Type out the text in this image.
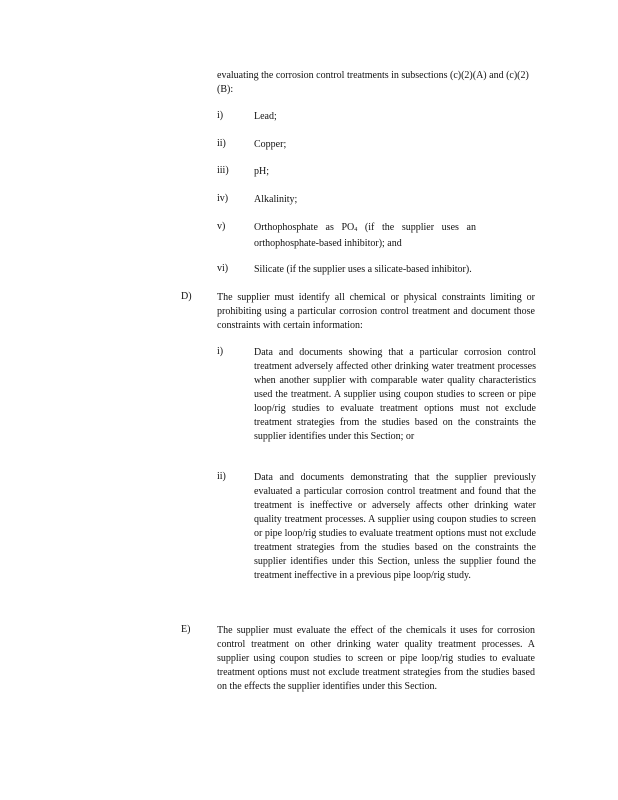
evaluating the corrosion control treatments in subsections (c)(2)(A) and (c)(2)(B):
i)	Lead;
ii)	Copper;
iii)	pH;
iv)	Alkalinity;
v)	Orthophosphate as $PO_4$ (if the supplier uses an orthophosphate-based inhibitor); and
vi)	Silicate (if the supplier uses a silicate-based inhibitor).
D)	The supplier must identify all chemical or physical constraints limiting or prohibiting using a particular corrosion control treatment and document those constraints with certain information:
i)	Data and documents showing that a particular corrosion control treatment adversely affected other drinking water treatment processes when another supplier with comparable water quality characteristics used the treatment. A supplier using coupon studies to screen or pipe loop/rig studies to evaluate treatment options must not exclude treatment strategies from the studies based on the constraints the supplier identifies under this Section; or
ii)	Data and documents demonstrating that the supplier previously evaluated a particular corrosion control treatment and found that the treatment is ineffective or adversely affects other drinking water quality treatment processes. A supplier using coupon studies to screen or pipe loop/rig studies to evaluate treatment options must not exclude treatment strategies from the studies based on the constraints the supplier identifies under this Section, unless the supplier found the treatment ineffective in a previous pipe loop/rig study.
E)	The supplier must evaluate the effect of the chemicals it uses for corrosion control treatment on other drinking water quality treatment processes. A supplier using coupon studies to screen or pipe loop/rig studies to evaluate treatment options must not exclude treatment strategies from the studies based on the effects the supplier identifies under this Section.
